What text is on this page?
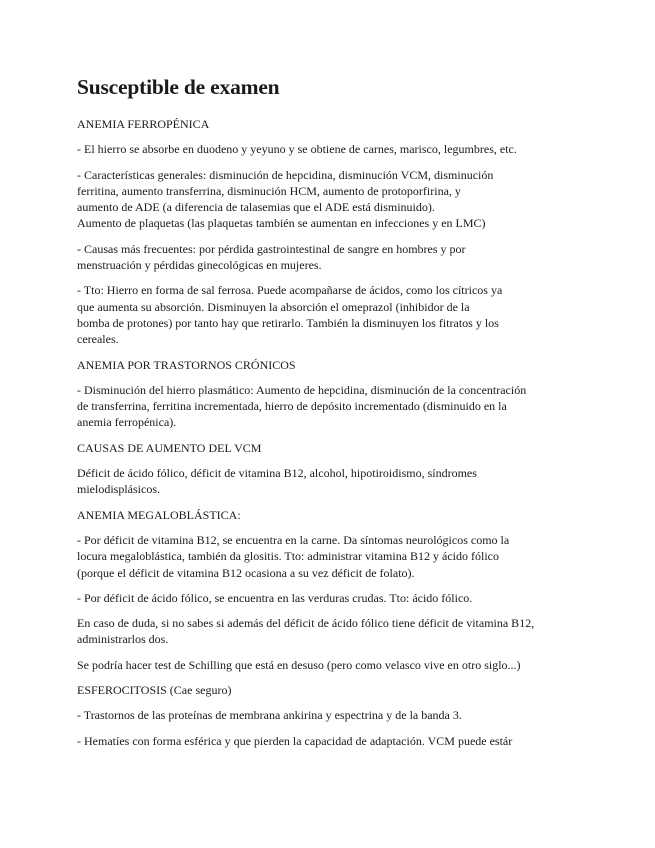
Susceptible de examen

ANEMIA FERROPÉNICA

- El hierro se absorbe en duodeno y yeyuno y se obtiene de carnes, marisco, legumbres, etc.

- Características generales: disminución de hepcidina, disminución VCM, disminución
ferritina, aumento transferrina, disminución HCM, aumento de protoporfirina, y
aumento de ADE (a diferencia de talasemias que el ADE está disminuido).
Aumento de plaquetas (las plaquetas también se aumentan en infecciones y en LMC)

- Causas más frecuentes: por pérdida gastrointestinal de sangre en hombres y por
menstruación y pérdidas ginecológicas en mujeres.

- Tto: Hierro en forma de sal ferrosa. Puede acompañarse de ácidos, como los cítricos ya
que aumenta su absorción. Disminuyen la absorción el omeprazol (inhibidor de la
bomba de protones) por tanto hay que retirarlo. También la disminuyen los fitratos y los
cereales.

ANEMIA POR TRASTORNOS CRÓNICOS

- Disminución del hierro plasmático: Aumento de hepcidina, disminución de la concentración
de transferrina, ferritina incrementada, hierro de depósito incrementado (disminuido en la
anemia ferropénica).

CAUSAS DE AUMENTO DEL VCM

Déficit de ácido fólico, déficit de vitamina B12, alcohol, hipotiroidismo, síndromes
mielodisplásicos.

ANEMIA MEGALOBLÁSTICA:

- Por déficit de vitamina B12, se encuentra en la carne. Da síntomas neurológicos como la
locura megaloblástica, también da glositis. Tto: administrar vitamina B12 y ácido fólico
(porque el déficit de vitamina B12 ocasiona a su vez déficit de folato).

- Por déficit de ácido fólico, se encuentra en las verduras crudas. Tto: ácido fólico.

En caso de duda, si no sabes si además del déficit de ácido fólico tiene déficit de vitamina B12,
administrarlos dos.

Se podría hacer test de Schilling que está en desuso (pero como velasco vive en otro siglo...)

ESFEROCITOSIS (Cae seguro)

- Trastornos de las proteínas de membrana ankirina y espectrina y de la banda 3.

- Hematíes con forma esférica y que pierden la capacidad de adaptación. VCM puede estár
